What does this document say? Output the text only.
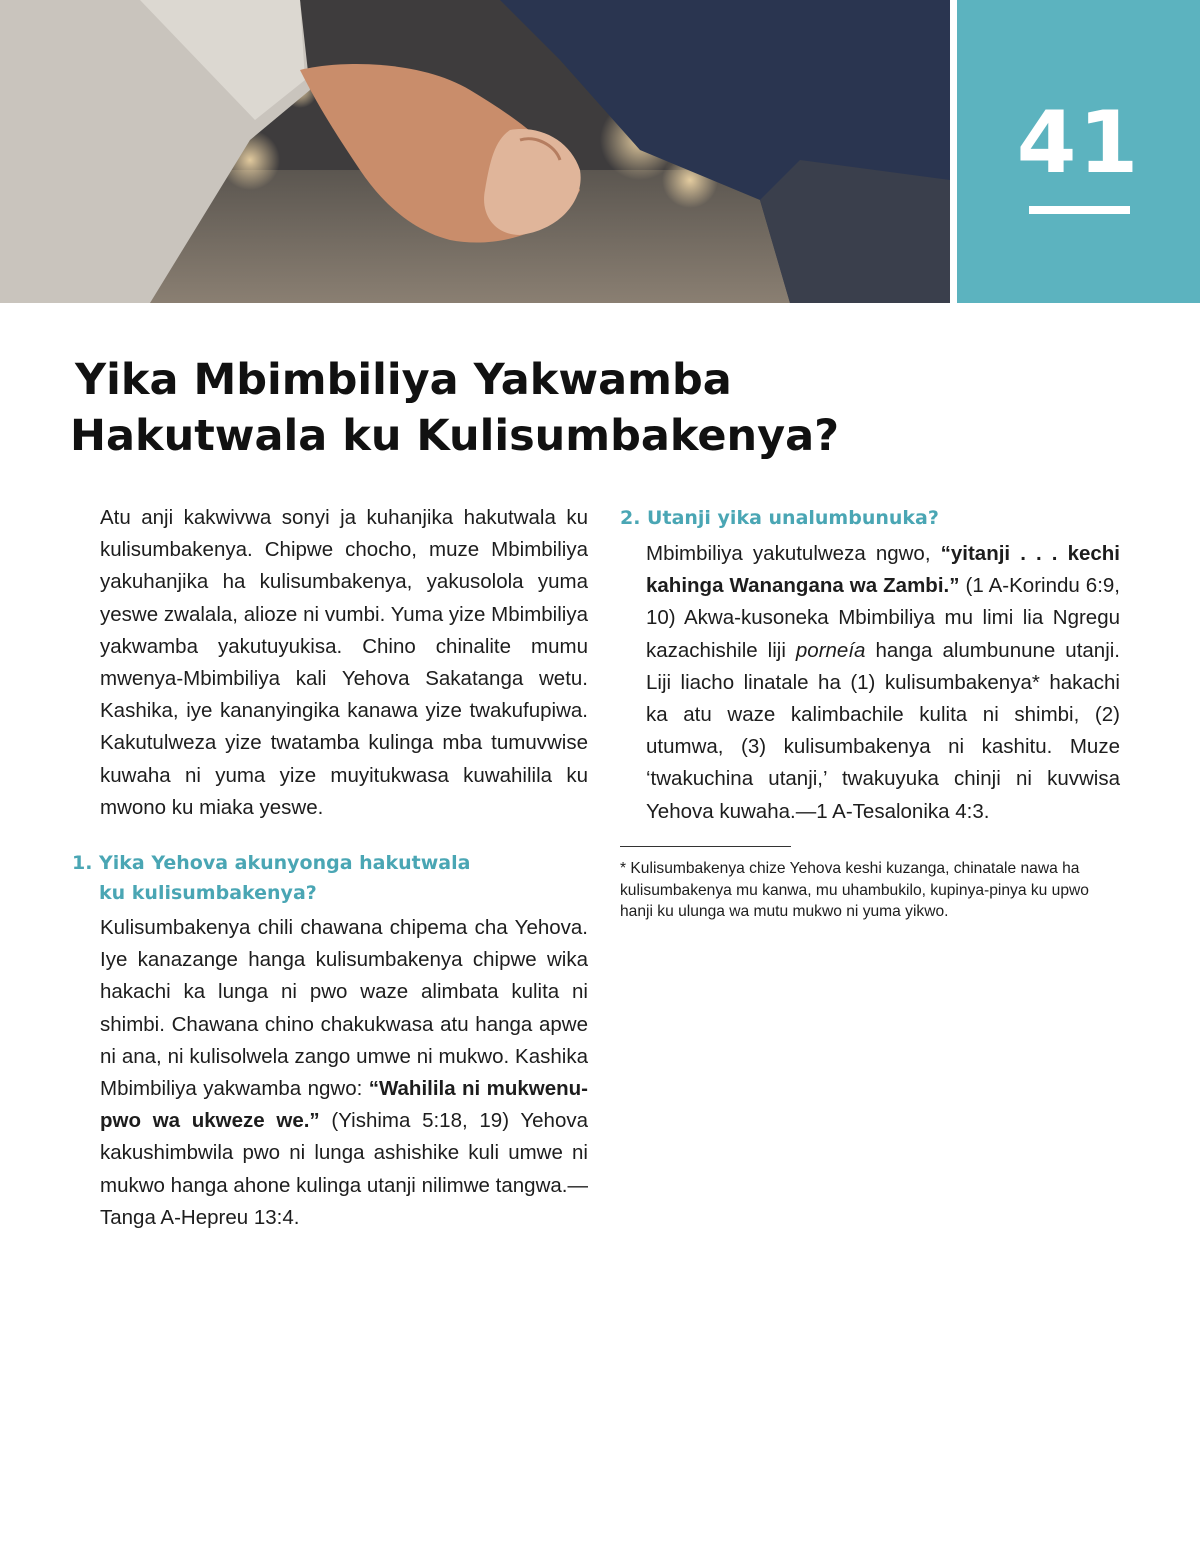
41
Yika Mbimbiliya Yakwamba
Hakutwala ku Kulisumbakenya?

Atu anji kakwivwa sonyi ja kuhanjika hakutwala ku kulisumbakenya. Chipwe chocho, muze Mbimbiliya yakuhanjika ha kulisumbakenya, yakusolola yuma yeswe zwalala, alioze ni vumbi. Yuma yize Mbimbiliya yakwamba yakutuyukisa. Chino chinalite mumu mwenya-Mbimbiliya kali Yehova Sakatanga wetu. Kashika, iye kananyingika kanawa yize twakufupiwa. Kakutulweza yize twatamba kulinga mba tumuvwise kuwaha ni yuma yize muyitukwasa kuwahilila ku mwono ku miaka yeswe.

1. Yika Yehova akunyonga hakutwala
ku kulisumbakenya?

Kulisumbakenya chili chawana chipema cha Yehova. Iye kanazange hanga kulisumbakenya chipwe wika hakachi ka lunga ni pwo waze alimbata kulita ni shimbi. Chawana chino chakukwasa atu hanga apwe ni ana, ni kulisolwela zango umwe ni mukwo. Kashika Mbimbiliya yakwamba ngwo: “Wahilila ni mukwenu-pwo wa ukweze we.” (Yishima 5:18, 19) Yehova kakushimbwila pwo ni lunga ashishike kuli umwe ni mukwo hanga ahone kulinga utanji nilimwe tangwa.—Tanga A-Hepreu 13:4.

2. Utanji yika unalumbunuka?

Mbimbiliya yakutulweza ngwo, “yitanji . . . kechi kahinga Wanangana wa Zambi.” (1 A-Korindu 6:9, 10) Akwa-kusoneka Mbimbiliya mu limi lia Ngregu kazachishile liji porneía hanga alumbunune utanji. Liji liacho linatale ha (1) kulisumbakenya* hakachi ka atu waze kalimbachile kulita ni shimbi, (2) utumwa, (3) kulisumbakenya ni kashitu. Muze ‘twakuchina utanji,’ twakuyuka chinji ni kuvwisa Yehova kuwaha.—1 A-Tesalonika 4:3.

* Kulisumbakenya chize Yehova keshi kuzanga, chinatale nawa ha kulisumbakenya mu kanwa, mu uhambukilo, kupinya-pinya ku upwo hanji ku ulunga wa mutu mukwo ni yuma yikwo.
